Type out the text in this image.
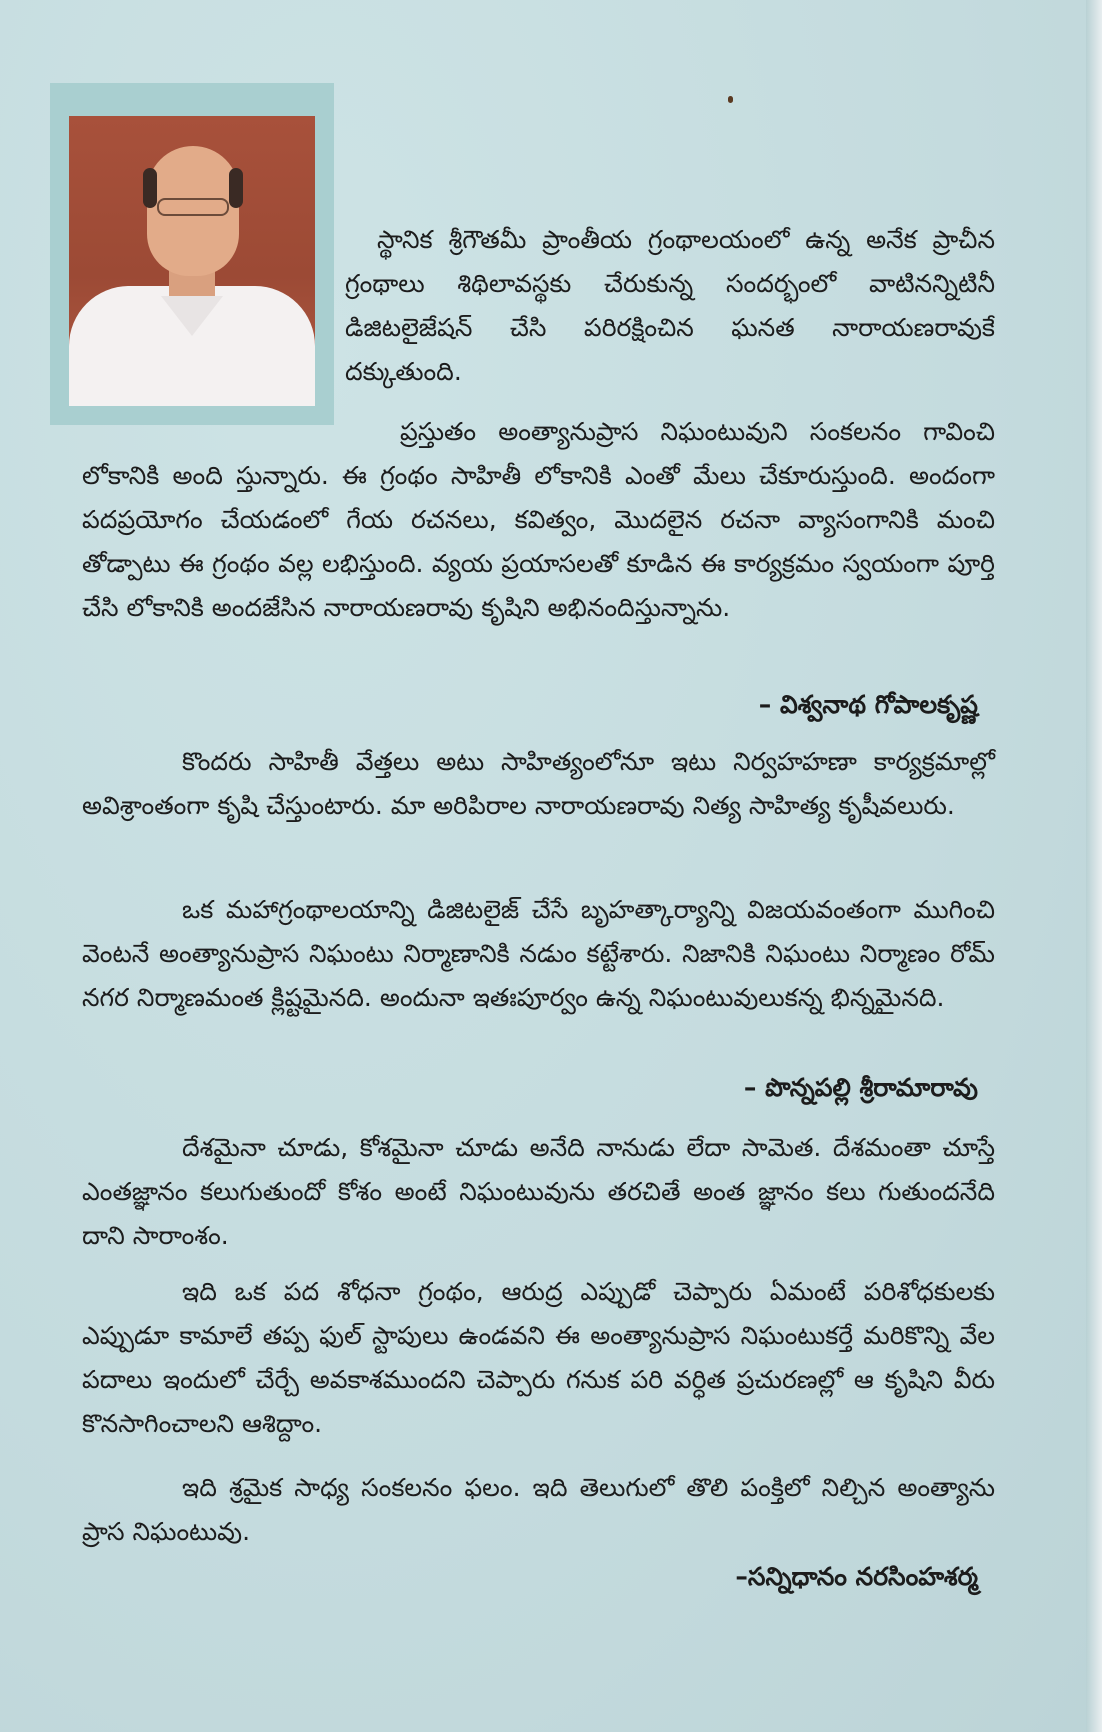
స్థానిక శ్రీగౌతమీ ప్రాంతీయ గ్రంథాలయంలో ఉన్న అనేక ప్రాచీన గ్రంథాలు శిథిలావస్థకు చేరుకున్న సందర్భంలో వాటినన్నిటినీ డిజిటలైజేషన్ చేసి పరిరక్షించిన ఘనత నారాయణరావుకే దక్కుతుంది.

ప్రస్తుతం అంత్యానుప్రాస నిఘంటువుని సంకలనం గావించి లోకానికి అంది స్తున్నారు. ఈ గ్రంథం సాహితీ లోకానికి ఎంతో మేలు చేకూరుస్తుంది. అందంగా పదప్రయోగం చేయడంలో గేయ రచనలు, కవిత్వం, మొదలైన రచనా వ్యాసంగానికి మంచి తోడ్పాటు ఈ గ్రంథం వల్ల లభిస్తుంది. వ్యయ ప్రయాసలతో కూడిన ఈ కార్యక్రమం స్వయంగా పూర్తి చేసి లోకానికి అందజేసిన నారాయణరావు కృషిని అభినందిస్తున్నాను.

– విశ్వనాథ గోపాలకృష్ణ

కొందరు సాహితీ వేత్తలు అటు సాహిత్యంలోనూ ఇటు నిర్వహహణా కార్యక్రమాల్లో అవిశ్రాంతంగా కృషి చేస్తుంటారు. మా అరిపిరాల నారాయణరావు నిత్య సాహిత్య కృషీవలురు.

ఒక మహాగ్రంథాలయాన్ని డిజిటలైజ్ చేసే బృహత్కార్యాన్ని విజయవంతంగా ముగించి వెంటనే అంత్యానుప్రాస నిఘంటు నిర్మాణానికి నడుం కట్టేశారు. నిజానికి నిఘంటు నిర్మాణం రోమ్ నగర నిర్మాణమంత క్లిష్టమైనది. అందునా ఇతఃపూర్వం ఉన్న నిఘంటువులుకన్న భిన్నమైనది.

– పొన్నపల్లి శ్రీరామారావు

దేశమైనా చూడు, కోశమైనా చూడు అనేది నానుడు లేదా సామెత. దేశమంతా చూస్తే ఎంతజ్ఞానం కలుగుతుందో కోశం అంటే నిఘంటువును తరచితే అంత జ్ఞానం కలు గుతుందనేది దాని సారాంశం.

ఇది ఒక పద శోధనా గ్రంథం, ఆరుద్ర ఎప్పుడో చెప్పారు ఏమంటే పరిశోధకులకు ఎప్పుడూ కామాలే తప్ప ఫుల్ స్టాపులు ఉండవని ఈ అంత్యానుప్రాస నిఘంటుకర్తే మరికొన్ని వేల పదాలు ఇందులో చేర్చే అవకాశముందని చెప్పారు గనుక పరి వర్ధిత ప్రచురణల్లో ఆ కృషిని వీరు కొనసాగించాలని ఆశిద్దాం.

ఇది శ్రమైక సాధ్య సంకలనం ఫలం. ఇది తెలుగులో తొలి పంక్తిలో నిల్చిన అంత్యాను ప్రాస నిఘంటువు.

–సన్నిధానం నరసింహశర్మ
